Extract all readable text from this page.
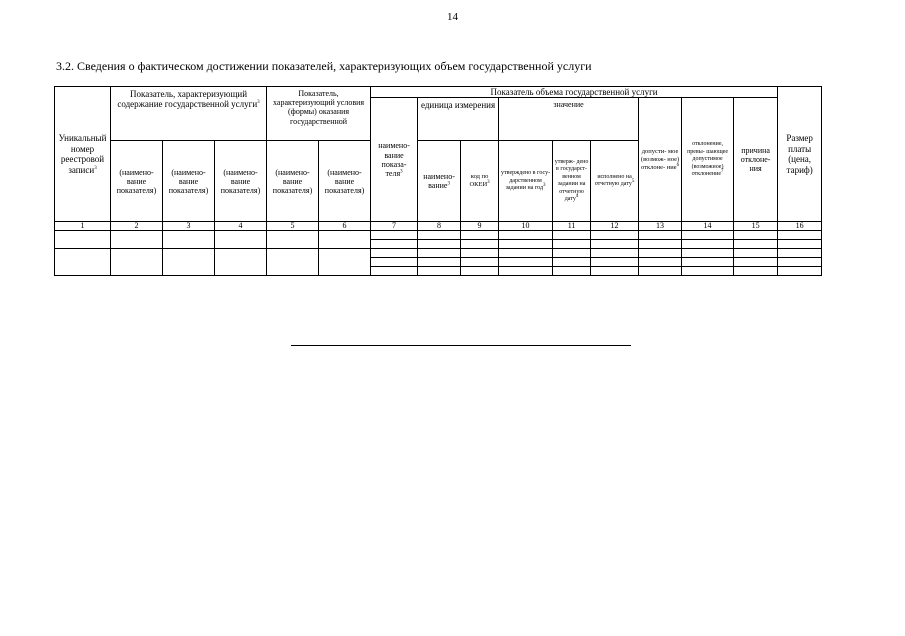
14
3.2. Сведения о фактическом достижении показателей, характеризующих объем государственной услуги
Уникальный номер реестровой записи$^3$	Показатель, характеризующий содержание государственной услуги$^3$			Показатель, характеризующий условия (формы) оказания государственной		Показатель объема государственной услуги									Размер платы (цена, тариф)
						наимено- вание показа- теля$^3$	единица измерения		значение			допусти- мое (возмож- ное) отклоне- ние$^6$	отклонение, превы- шающее допустимое (возможное) отклонение$^7$	причина отклоне- ния	
	(наимено- вание показателя)	(наимено- вание показателя)	(наимено- вание показателя)	(наимено- вание показателя)	(наимено- вание показателя)		наимено- вание$^3$	код по ОКЕИ$^3$	утверждено в госу- дарственном задании на год$^3$	утверж- дено в государст- венном задании на отчетную дату$^4$	исполнено на отчетную дату$^5$
1	2	3	4	5	6	7	8	9	10	11	12	13	14	15	16
